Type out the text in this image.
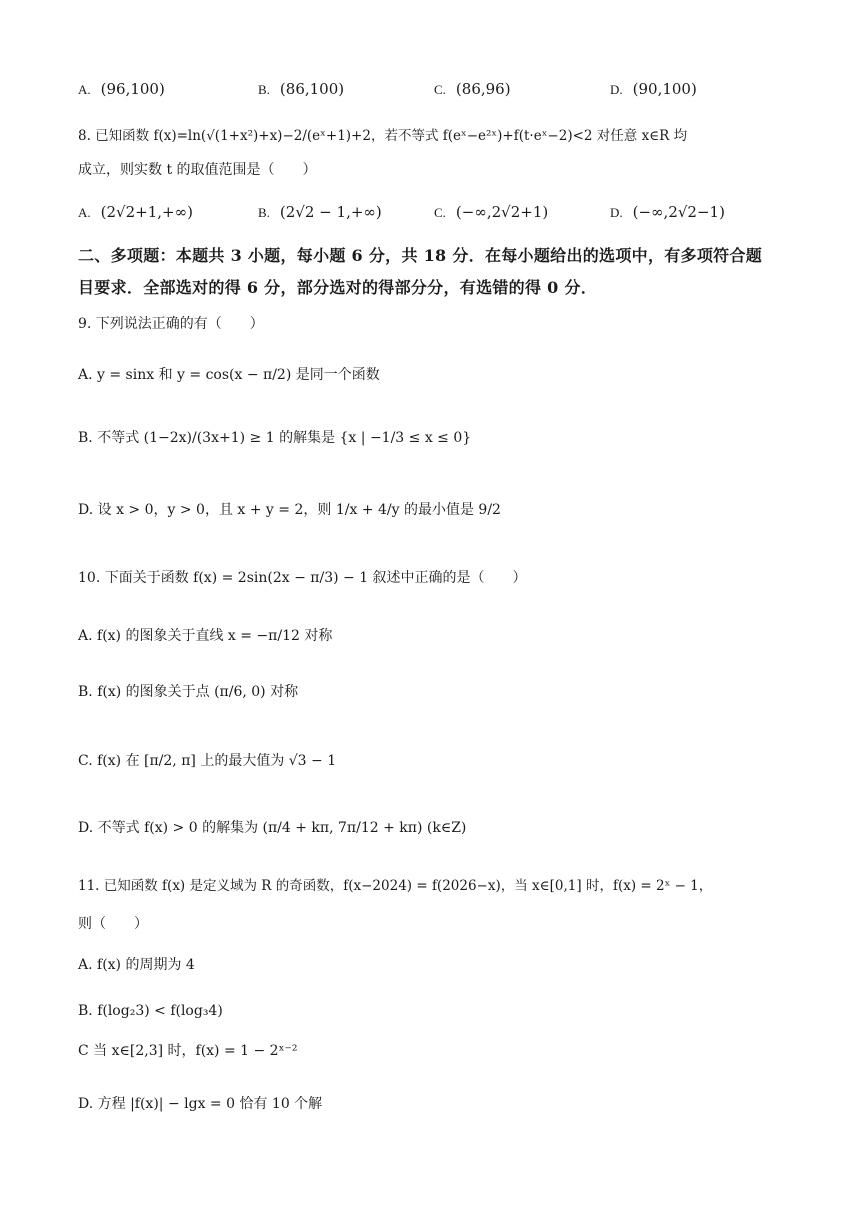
A. (96,100)	B. (86,100)	C. (86,96)	D. (90,100)
8. 已知函数 f(x)=ln(√(1+x²)+x)−2/(eˣ+1)+2，若不等式 f(eˣ−e²ˣ)+f(t·eˣ−2)<2 对任意 x∈R 均
成立，则实数 t 的取值范围是（　　）
A. (2√2+1,+∞)	B. (2√2 − 1,+∞)	C. (−∞,2√2+1)	D. (−∞,2√2−1)
二、多项题：本题共 3 小题，每小题 6 分，共 18 分．在每小题给出的选项中，有多项符合题
目要求．全部选对的得 6 分，部分选对的得部分分，有选错的得 0 分．
9. 下列说法正确的有（　　）
A. y = sinx 和 y = cos(x − π/2) 是同一个函数
B. 不等式 (1−2x)/(3x+1) ≥ 1 的解集是 {x | −1/3 ≤ x ≤ 0}
D. 设 x > 0，y > 0，且 x + y = 2，则 1/x + 4/y 的最小值是 9/2
10. 下面关于函数 f(x) = 2sin(2x − π/3) − 1 叙述中正确的是（　　）
A. f(x) 的图象关于直线 x = −π/12 对称
B. f(x) 的图象关于点 (π/6, 0) 对称
C. f(x) 在 [π/2, π] 上的最大值为 √3 − 1
D. 不等式 f(x) > 0 的解集为 (π/4 + kπ, 7π/12 + kπ) (k∈Z)
11. 已知函数 f(x) 是定义域为 R 的奇函数，f(x−2024) = f(2026−x)，当 x∈[0,1] 时，f(x) = 2ˣ − 1，
则（　　）
A. f(x) 的周期为 4
B. f(log₂3) < f(log₃4)
C 当 x∈[2,3] 时，f(x) = 1 − 2ˣ⁻²
D. 方程 |f(x)| − lgx = 0 恰有 10 个解
